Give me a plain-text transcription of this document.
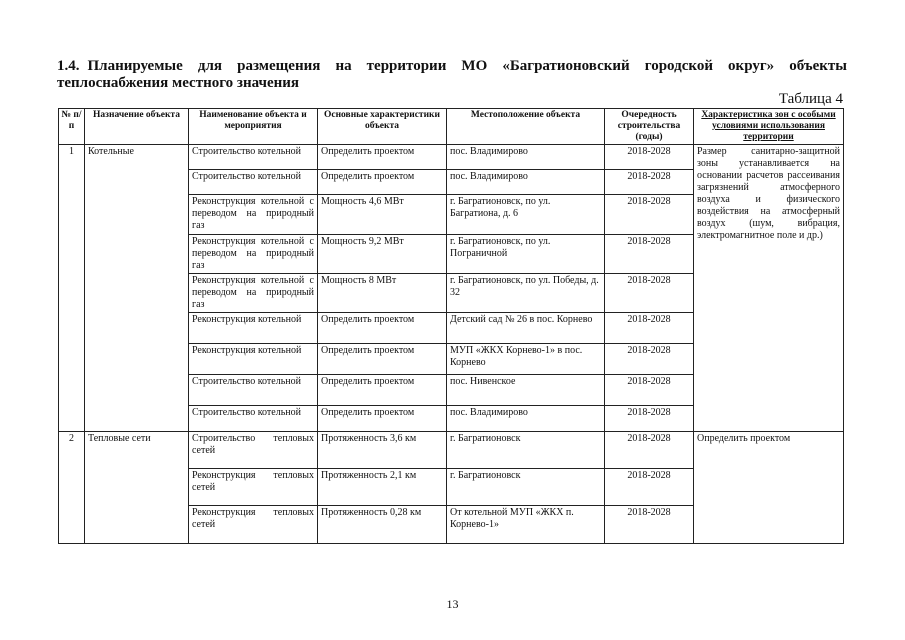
1.4. Планируемые для размещения на территории МО «Багратионовский городской округ» объекты теплоснабжения местного значения
Таблица 4
№ п/п	Назначение объекта	Наименование объекта и мероприятия	Основные характеристики объекта	Местоположение объекта	Очередность строительства (годы)	Характеристика зон с особыми условиями использования территории
1	Котельные	Строительство котельной	Определить проектом	пос. Владимирово	2018-2028	Размер санитарно-защитной зоны устанавливается на основании расчетов рассеивания загрязнений атмосферного воздуха и физического воздействия на атмосферный воздух (шум, вибрация, электромагнитное поле и др.)
		Строительство котельной	Определить проектом	пос. Владимирово	2018-2028	
		Реконструкция котельной с переводом на природный газ	Мощность 4,6 МВт	г. Багратионовск, по ул. Багратиона, д. 6	2018-2028	
		Реконструкция котельной с переводом на природный газ	Мощность 9,2 МВт	г. Багратионовск, по ул. Пограничной	2018-2028	
		Реконструкция котельной с переводом на природный газ	Мощность 8 МВт	г. Багратионовск, по ул. Победы, д. 32	2018-2028	
		Реконструкция котельной	Определить проектом	Детский сад № 26 в пос. Корнево	2018-2028	
		Реконструкция котельной	Определить проектом	МУП «ЖКХ Корнево-1» в пос. Корнево	2018-2028	
		Строительство котельной	Определить проектом	пос. Нивенское	2018-2028	
		Строительство котельной	Определить проектом	пос. Владимирово	2018-2028	
2	Тепловые сети	Строительство тепловых сетей	Протяженность 3,6 км	г. Багратионовск	2018-2028	Определить проектом
		Реконструкция тепловых сетей	Протяженность 2,1 км	г. Багратионовск	2018-2028	
		Реконструкция тепловых сетей	Протяженность 0,28 км	От котельной МУП «ЖКХ п. Корнево-1»	2018-2028	
13
